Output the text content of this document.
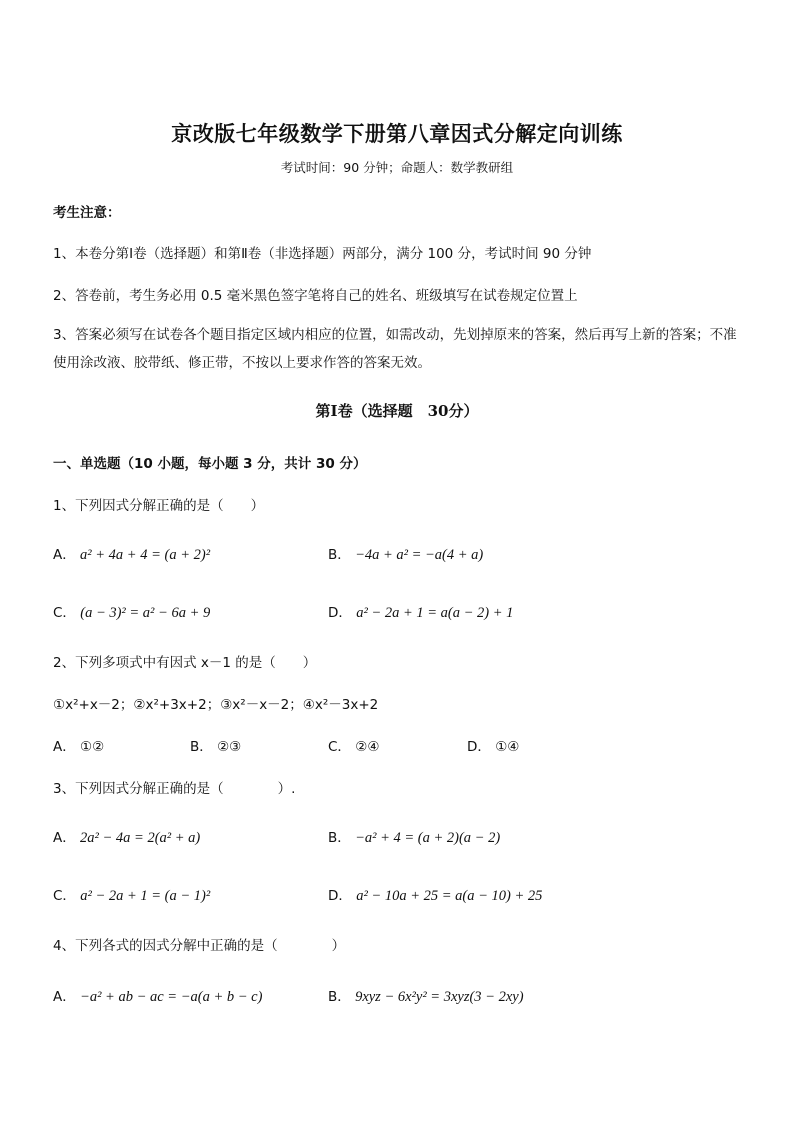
京改版七年级数学下册第八章因式分解定向训练
考试时间：90 分钟；命题人：数学教研组
考生注意：
1、本卷分第Ⅰ卷（选择题）和第Ⅱ卷（非选择题）两部分，满分 100 分，考试时间 90 分钟
2、答卷前，考生务必用 0.5 毫米黑色签字笔将自己的姓名、班级填写在试卷规定位置上
3、答案必须写在试卷各个题目指定区域内相应的位置，如需改动，先划掉原来的答案，然后再写上新的答案；不准使用涂改液、胶带纸、修正带，不按以上要求作答的答案无效。
第Ⅰ卷（选择题　30分）
一、单选题（10 小题，每小题 3 分，共计 30 分）
1、下列因式分解正确的是（　　）
A． a² + 4a + 4 = (a + 2)²	B． −4a + a² = −a(4 + a)
C． (a − 3)² = a² − 6a + 9	D． a² − 2a + 1 = a(a − 2) + 1
2、下列多项式中有因式 x－1 的是（　　）
①x²+x－2；②x²+3x+2；③x²－x－2；④x²－3x+2
A． ①②	B． ②③	C． ②④	D． ①④
3、下列因式分解正确的是（　　　　）.
A． 2a² − 4a = 2(a² + a)	B． −a² + 4 = (a + 2)(a − 2)
C． a² − 2a + 1 = (a − 1)²	D． a² − 10a + 25 = a(a − 10) + 25
4、下列各式的因式分解中正确的是（　　　　）
A． −a² + ab − ac = −a(a + b − c)	B． 9xyz − 6x²y² = 3xyz(3 − 2xy)
